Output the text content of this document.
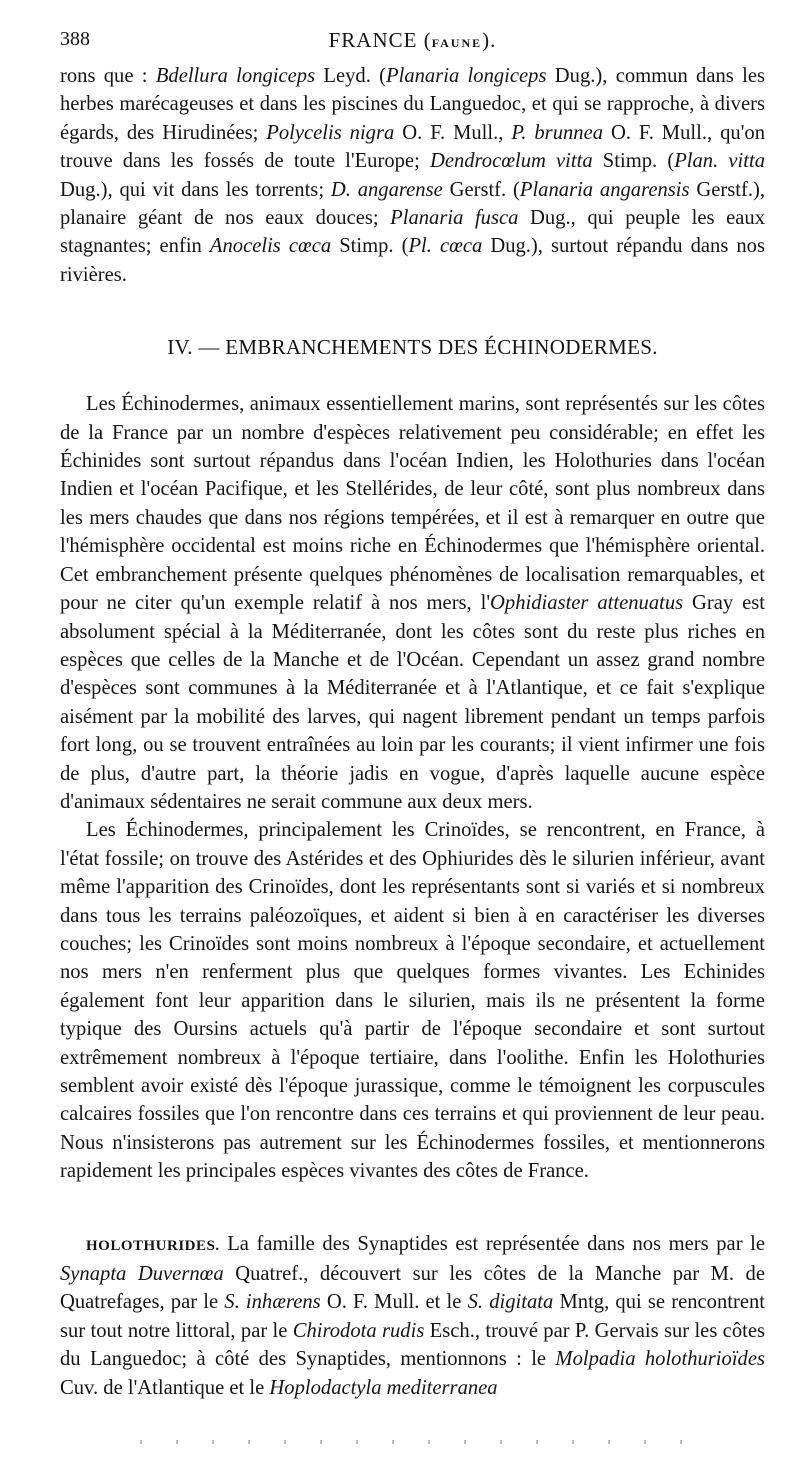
388	FRANCE (FAUNE).

rons que : Bdellura longiceps Leyd. (Planaria longiceps Dug.), commun dans les herbes marécageuses et dans les piscines du Languedoc, et qui se rapproche, à divers égards, des Hirudinées; Polycelis nigra O. F. Mull., P. brunnea O. F. Mull., qu'on trouve dans les fossés de toute l'Europe; Dendrocœlum vitta Stimp. (Plan. vitta Dug.), qui vit dans les torrents; D. angarense Gerstf. (Planaria angarensis Gerstf.), planaire géant de nos eaux douces; Planaria fusca Dug., qui peuple les eaux stagnantes; enfin Anocelis cœca Stimp. (Pl. cœca Dug.), surtout répandu dans nos rivières.

IV. — EMBRANCHEMENTS DES ÉCHINODERMES.

Les Échinodermes, animaux essentiellement marins, sont représentés sur les côtes de la France par un nombre d'espèces relativement peu considérable; en effet les Échinides sont surtout répandus dans l'océan Indien, les Holothuries dans l'océan Indien et l'océan Pacifique, et les Stellérides, de leur côté, sont plus nombreux dans les mers chaudes que dans nos régions tempérées, et il est à remarquer en outre que l'hémisphère occidental est moins riche en Échinodermes que l'hémisphère oriental. Cet embranchement présente quelques phénomènes de localisation remarquables, et pour ne citer qu'un exemple relatif à nos mers, l'Ophidiaster attenuatus Gray est absolument spécial à la Méditerranée, dont les côtes sont du reste plus riches en espèces que celles de la Manche et de l'Océan. Cependant un assez grand nombre d'espèces sont communes à la Méditerranée et à l'Atlantique, et ce fait s'explique aisément par la mobilité des larves, qui nagent librement pendant un temps parfois fort long, ou se trouvent entraînées au loin par les courants; il vient infirmer une fois de plus, d'autre part, la théorie jadis en vogue, d'après laquelle aucune espèce d'animaux sédentaires ne serait commune aux deux mers.

Les Échinodermes, principalement les Crinoïdes, se rencontrent, en France, à l'état fossile; on trouve des Astérides et des Ophiurides dès le silurien inférieur, avant même l'apparition des Crinoïdes, dont les représentants sont si variés et si nombreux dans tous les terrains paléozoïques, et aident si bien à en caractériser les diverses couches; les Crinoïdes sont moins nombreux à l'époque secondaire, et actuellement nos mers n'en renferment plus que quelques formes vivantes. Les Echinides également font leur apparition dans le silurien, mais ils ne présentent la forme typique des Oursins actuels qu'à partir de l'époque secondaire et sont surtout extrêmement nombreux à l'époque tertiaire, dans l'oolithe. Enfin les Holothuries semblent avoir existé dès l'époque jurassique, comme le témoignent les corpuscules calcaires fossiles que l'on rencontre dans ces terrains et qui proviennent de leur peau. Nous n'insisterons pas autrement sur les Échinodermes fossiles, et mentionnerons rapidement les principales espèces vivantes des côtes de France.

HOLOTHURIDES. La famille des Synaptides est représentée dans nos mers par le Synapta Duvernœa Quatref., découvert sur les côtes de la Manche par M. de Quatrefages, par le S. inhærens O. F. Mull. et le S. digitata Mntg, qui se rencontrent sur tout notre littoral, par le Chirodota rudis Esch., trouvé par P. Gervais sur les côtes du Languedoc; à côté des Synaptides, mentionnons : le Molpadia holothurioïdes Cuv. de l'Atlantique et le Hoplodactyla mediterranea
